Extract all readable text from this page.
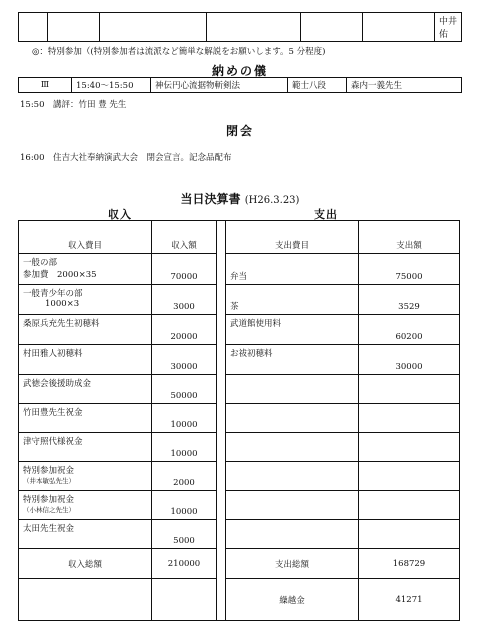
						中井　佑
◎：特別参加（(特別参加者は流派など簡単な解説をお願いします。5 分程度)
納めの儀
Ⅲ	15:40～15:50	神伝円心流据物斬剣法	範士八段	森内一義先生
15:50　講評：竹田 豊 先生
閉会
16:00　住吉大社奉納演武大会　閉会宣言。記念品配布
当日決算書 (H26.3.23)
収入	支出
収入費目	収入額		支出費目	支出額

一般の部
参加費　2000×35	70000		弁当	75000

一般青少年の部
1000×3	3000		茶	3529
桑原兵充先生初穂料	20000		武道館使用料	60200
村田雅人初穂料	30000		お祓初穂料	30000
武徳会後援助成金	50000			
竹田豊先生祝金	10000			
津守照代様祝金	10000			

特別参加祝金
（井本敏弘先生）	2000			

特別参加祝金
（小林信之先生）	10000			
太田先生祝金	5000			
収入総額	210000		支出総額	168729
			繰越金	41271
